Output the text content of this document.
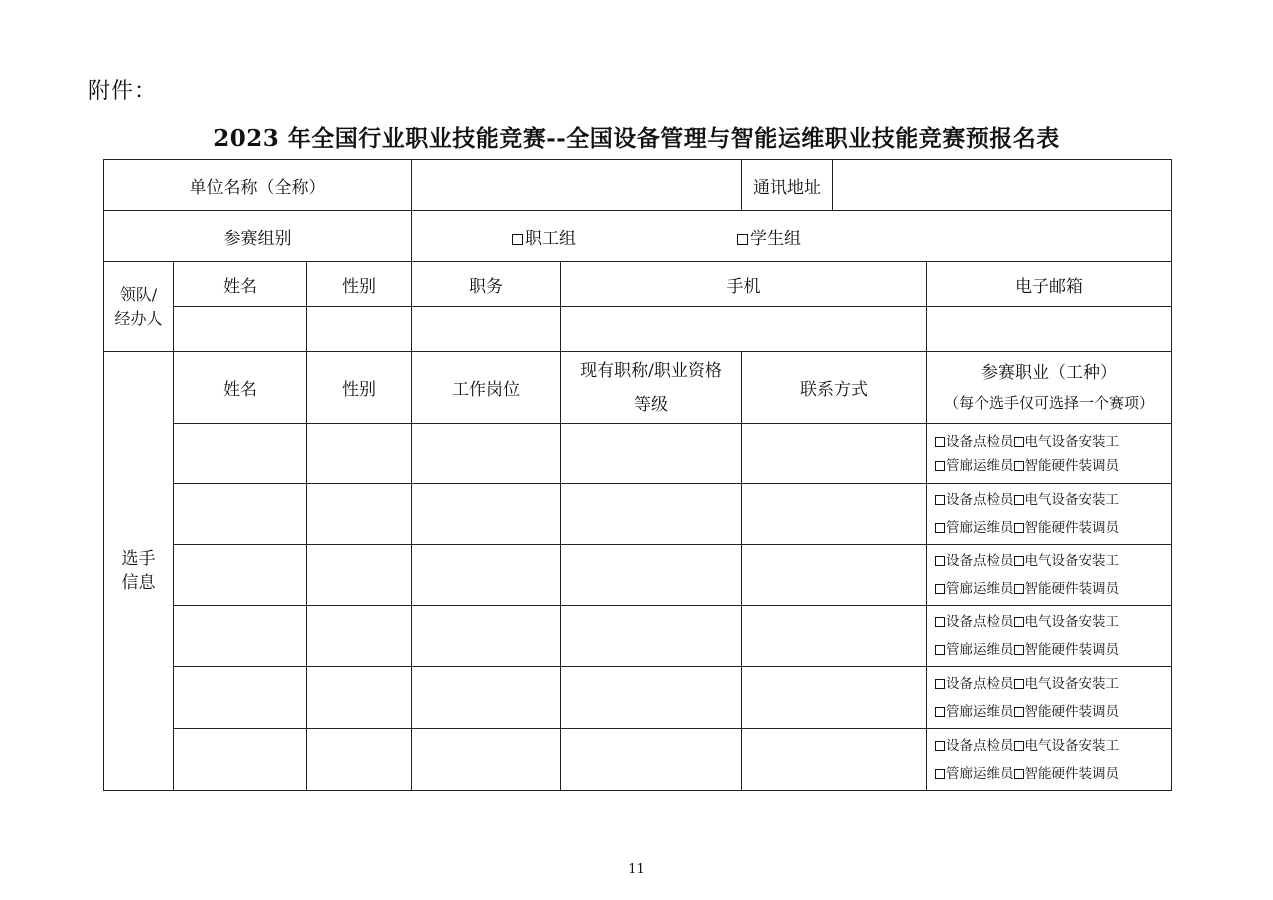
附件：
2023 年全国行业职业技能竞赛--全国设备管理与智能运维职业技能竞赛预报名表
单位名称（全称）					通讯地址	

参赛组别			职工组 学生组			

领队/
经办人	姓名	性别	职务	手机		电子邮箱

选手
信息	姓名	性别	工作岗位	现有职称/职业资格
等级	联系方式	参赛职业（工种）
（每个选手仅可选择一个赛项）

						设备点检员 电气设备安装工
管廊运维员 智能硬件装调员

						设备点检员 电气设备安装工
管廊运维员 智能硬件装调员

						设备点检员 电气设备安装工
管廊运维员 智能硬件装调员

						设备点检员 电气设备安装工
管廊运维员 智能硬件装调员

						设备点检员 电气设备安装工
管廊运维员 智能硬件装调员

						设备点检员 电气设备安装工
管廊运维员 智能硬件装调员
11
